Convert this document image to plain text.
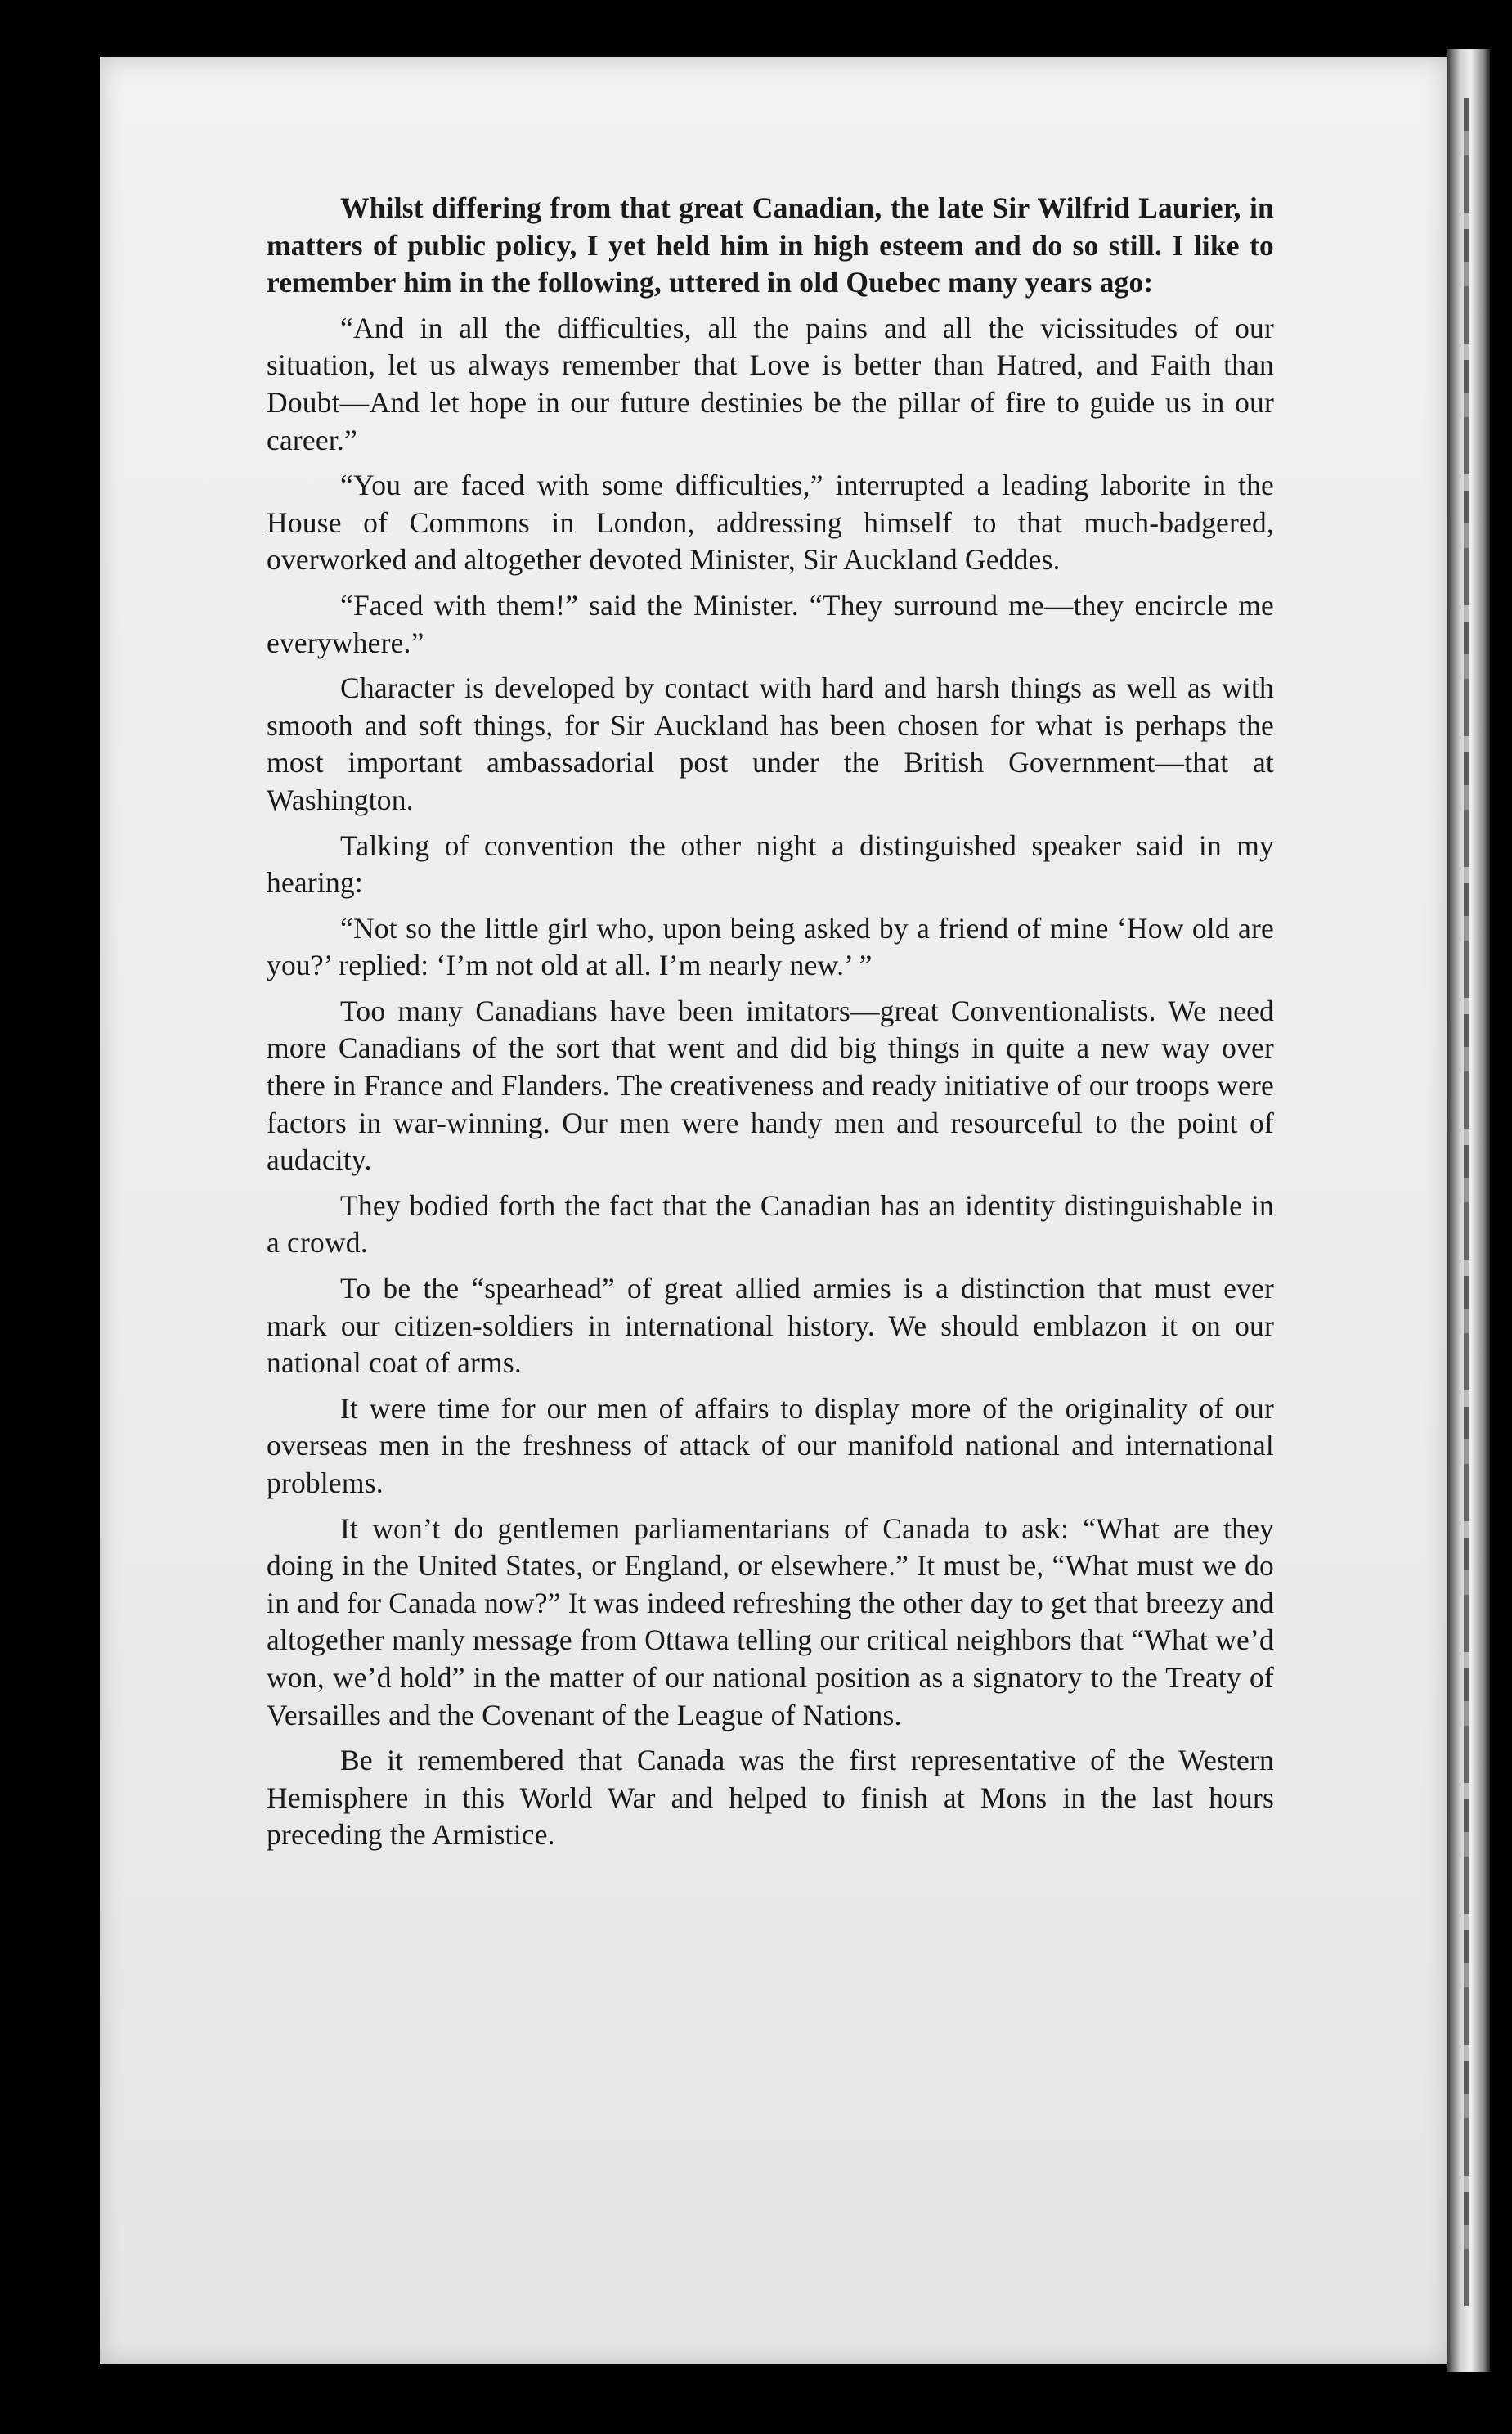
Whilst differing from that great Canadian, the late Sir Wilfrid Laurier, in matters of public policy, I yet held him in high esteem and do so still. I like to remember him in the following, uttered in old Quebec many years ago:

“And in all the difficulties, all the pains and all the vicissitudes of our situation, let us always remember that Love is better than Hatred, and Faith than Doubt—And let hope in our future destinies be the pillar of fire to guide us in our career.”

“You are faced with some difficulties,” interrupted a leading laborite in the House of Commons in London, addressing himself to that much-badgered, overworked and altogether devoted Minister, Sir Auckland Geddes.

“Faced with them!” said the Minister. “They surround me—they encircle me everywhere.”

Character is developed by contact with hard and harsh things as well as with smooth and soft things, for Sir Auckland has been chosen for what is perhaps the most important ambassadorial post under the British Government—that at Washington.

Talking of convention the other night a distinguished speaker said in my hearing:

“Not so the little girl who, upon being asked by a friend of mine ‘How old are you?’ replied: ‘I’m not old at all. I’m nearly new.’ ”

Too many Canadians have been imitators—great Conventionalists. We need more Canadians of the sort that went and did big things in quite a new way over there in France and Flanders. The creativeness and ready initiative of our troops were factors in war-winning. Our men were handy men and resourceful to the point of audacity.

They bodied forth the fact that the Canadian has an identity distinguishable in a crowd.

To be the “spearhead” of great allied armies is a distinction that must ever mark our citizen-soldiers in international history. We should emblazon it on our national coat of arms.

It were time for our men of affairs to display more of the originality of our overseas men in the freshness of attack of our manifold national and international problems.

It won’t do gentlemen parliamentarians of Canada to ask: “What are they doing in the United States, or England, or elsewhere.” It must be, “What must we do in and for Canada now?” It was indeed refreshing the other day to get that breezy and altogether manly message from Ottawa telling our critical neighbors that “What we’d won, we’d hold” in the matter of our national position as a signatory to the Treaty of Versailles and the Covenant of the League of Nations.

Be it remembered that Canada was the first representative of the Western Hemisphere in this World War and helped to finish at Mons in the last hours preceding the Armistice.
